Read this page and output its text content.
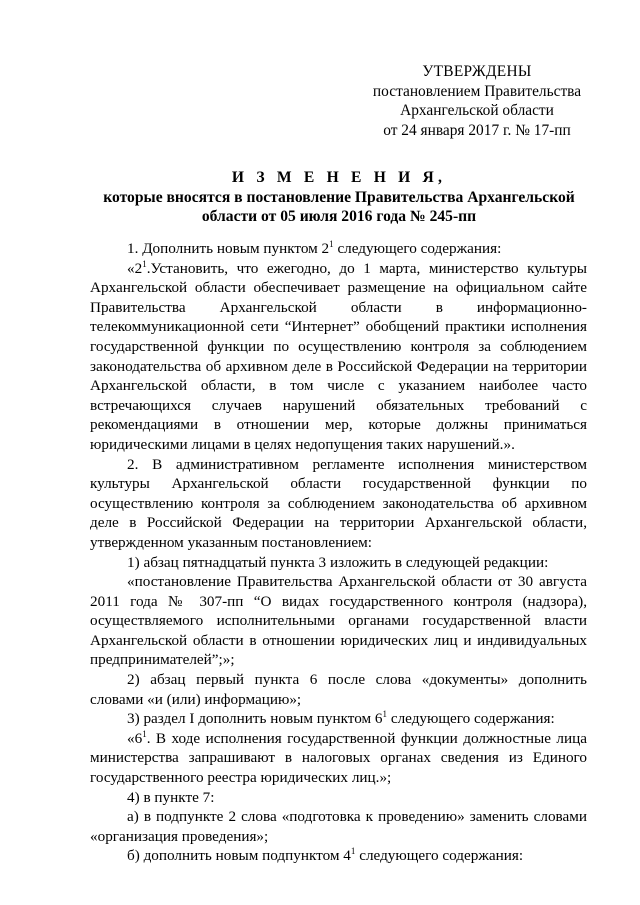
УТВЕРЖДЕНЫ
постановлением Правительства
Архангельской области
от 24 января 2017 г. № 17-пп
И З М Е Н Е Н И Я,
которые вносятся в постановление Правительства Архангельской
области от 05 июля 2016 года № 245-пп

1. Дополнить новым пунктом $2^1$ следующего содержания:

«$2^1.Установить$, что ежегодно, до 1 марта, министерство культуры Архангельской области обеспечивает размещение на официальном сайте Правительства Архангельской области в информационно-телекоммуникационной сети “Интернет” обобщений практики исполнения государственной функции по осуществлению контроля за соблюдением законодательства об архивном деле в Российской Федерации на территории Архангельской области, в том числе с указанием наиболее часто встречающихся случаев нарушений обязательных требований с рекомендациями в отношении мер, которые должны приниматься юридическими лицами в целях недопущения таких нарушений.».

2. В административном регламенте исполнения министерством культуры Архангельской области государственной функции по осуществлению контроля за соблюдением законодательства об архивном деле в Российской Федерации на территории Архангельской области, утвержденном указанным постановлением:

1) абзац пятнадцатый пункта 3 изложить в следующей редакции:

«постановление Правительства Архангельской области от 30 августа 2011 года № 307-пп “О видах государственного контроля (надзора), осуществляемого исполнительными органами государственной власти Архангельской области в отношении юридических лиц и индивидуальных предпринимателей”;»;

2) абзац первый пункта 6 после слова «документы» дополнить словами «и (или) информацию»;

3) раздел I дополнить новым пунктом $6^1$ следующего содержания:

«$6^1$. В ходе исполнения государственной функции должностные лица министерства запрашивают в налоговых органах сведения из Единого государственного реестра юридических лиц.»;

4) в пункте 7:

а) в подпункте 2 слова «подготовка к проведению» заменить словами «организация проведения»;

б) дополнить новым подпунктом $4^1$ следующего содержания:
